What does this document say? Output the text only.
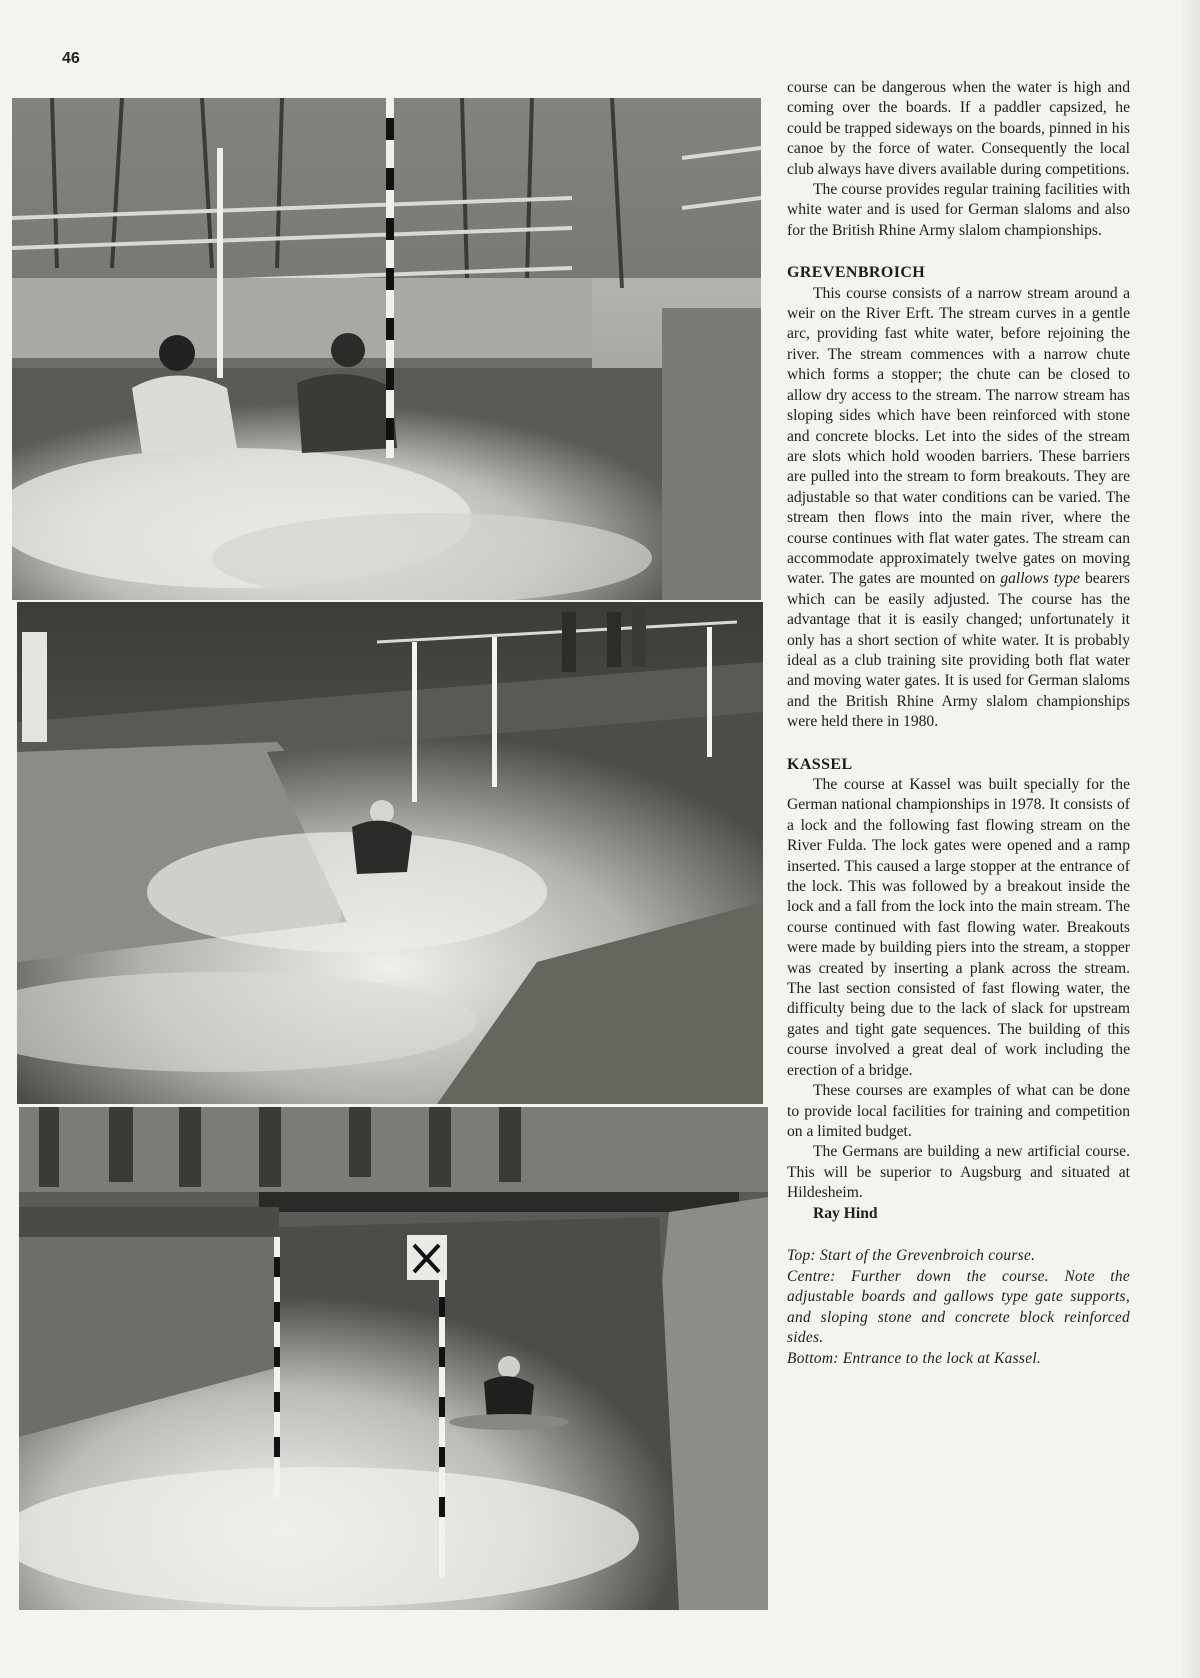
46

course can be dangerous when the water is high and coming over the boards. If a paddler capsized, he could be trapped sideways on the boards, pinned in his canoe by the force of water. Consequently the local club always have divers available during competitions.

The course provides regular training facilities with white water and is used for German slaloms and also for the British Rhine Army slalom championships.

GREVENBROICH

This course consists of a narrow stream around a weir on the River Erft. The stream curves in a gentle arc, providing fast white water, before rejoining the river. The stream commences with a narrow chute which forms a stopper; the chute can be closed to allow dry access to the stream. The narrow stream has sloping sides which have been reinforced with stone and concrete blocks. Let into the sides of the stream are slots which hold wooden barriers. These barriers are pulled into the stream to form breakouts. They are adjustable so that water conditions can be varied. The stream then flows into the main river, where the course continues with flat water gates. The stream can accommodate approximately twelve gates on moving water. The gates are mounted on gallows type bearers which can be easily adjusted. The course has the advantage that it is easily changed; unfortunately it only has a short section of white water. It is probably ideal as a club training site providing both flat water and moving water gates. It is used for German slaloms and the British Rhine Army slalom championships were held there in 1980.

KASSEL

The course at Kassel was built specially for the German national championships in 1978. It consists of a lock and the following fast flowing stream on the River Fulda. The lock gates were opened and a ramp inserted. This caused a large stopper at the entrance of the lock. This was followed by a breakout inside the lock and a fall from the lock into the main stream. The course continued with fast flowing water. Breakouts were made by building piers into the stream, a stopper was created by inserting a plank across the stream. The last section consisted of fast flowing water, the difficulty being due to the lack of slack for upstream gates and tight gate sequences. The building of this course involved a great deal of work including the erection of a bridge.

These courses are examples of what can be done to provide local facilities for training and competition on a limited budget.

The Germans are building a new artificial course. This will be superior to Augsburg and situated at Hildesheim.

Ray Hind

Top: Start of the Grevenbroich course.

Centre: Further down the course. Note the adjustable boards and gallows type gate supports, and sloping stone and concrete block reinforced sides.

Bottom: Entrance to the lock at Kassel.
